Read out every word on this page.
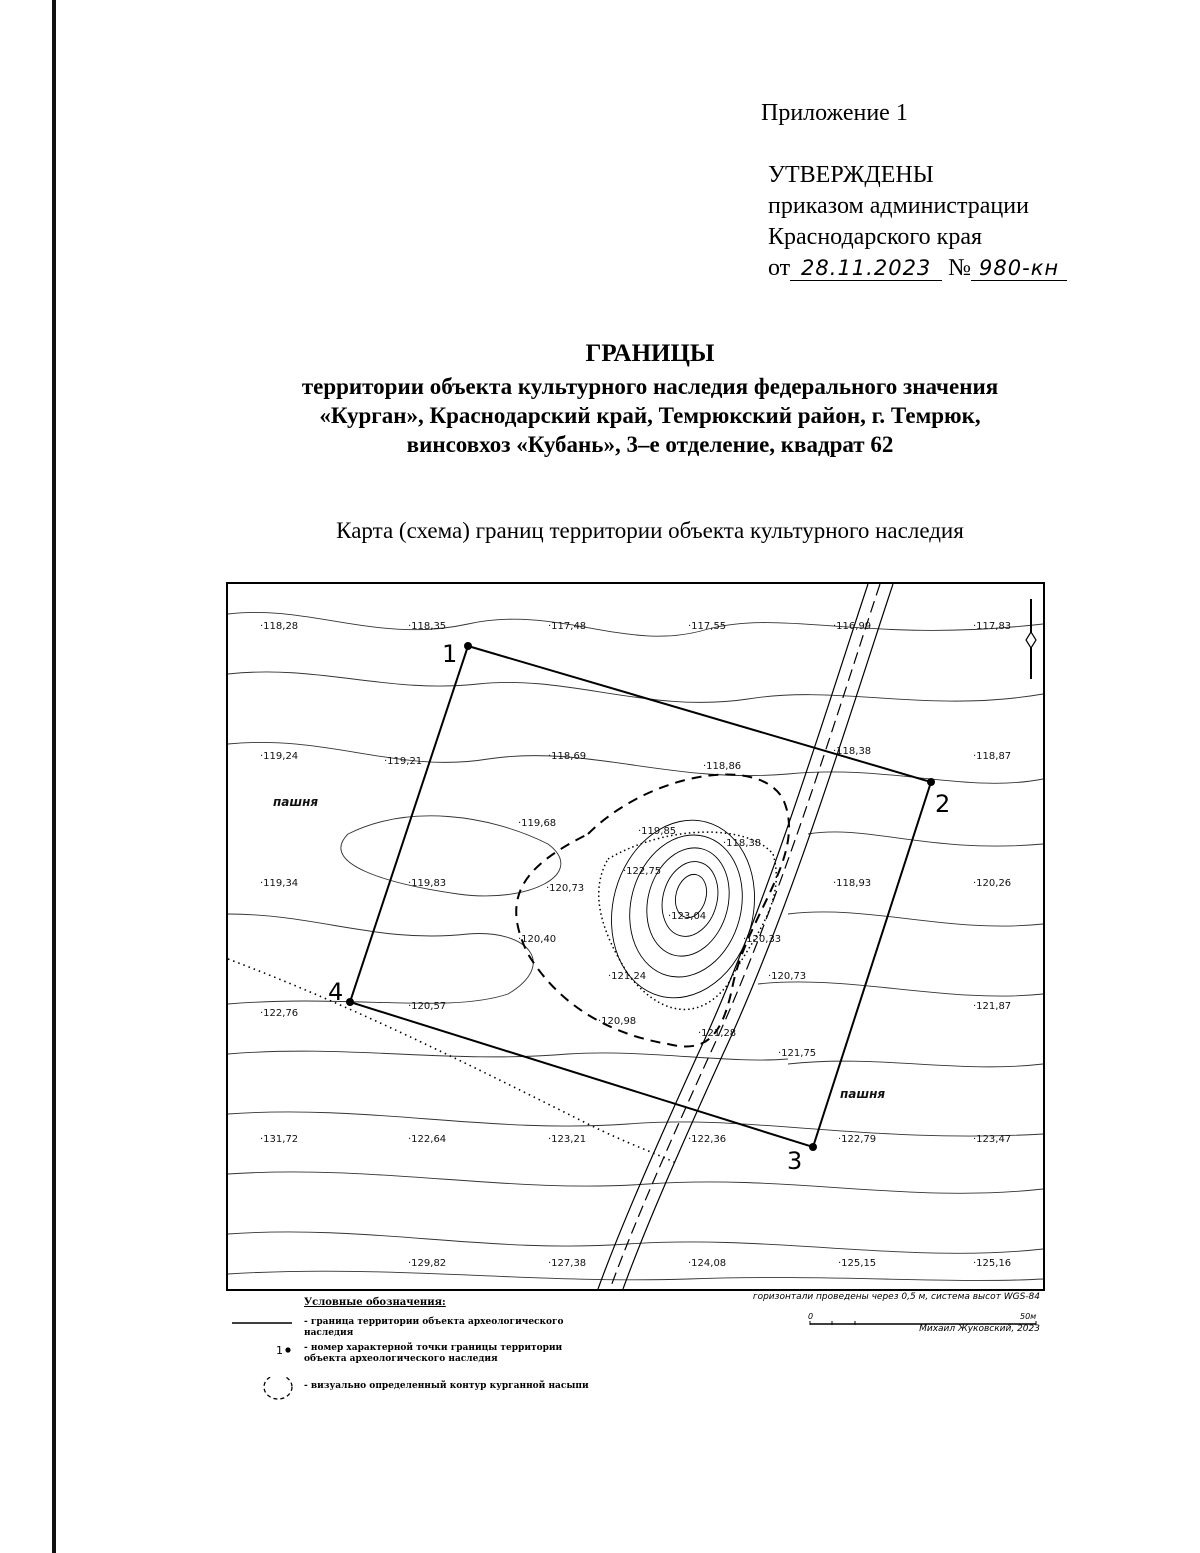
Приложение 1
УТВЕРЖДЕНЫ
приказом администрации
Краснодарского края
от 28.11.2023 № 980-кн
ГРАНИЦЫ
территории объекта культурного наследия федерального значения
«Курган», Краснодарский край, Темрюкский район, г. Темрюк,
винсовхоз «Кубань», 3–е отделение, квадрат 62
Карта (схема) границ территории объекта культурного наследия
1
2
3
4
·118,28	·118,35	·117,48	·117,55	·116,99	·117,83
·119,24	·119,21	·118,69
·118,86
·118,38	·118,87
·119,68
·119,85
·118,38
·122,75
·119,34	·119,83	·120,73
·123,04
·118,93	·120,26
·120,40	·120,33
·121,24	·120,73
·122,76
·120,57
·120,98
·121,28
·121,87
·121,75
·131,72	·122,64	·123,21	·122,36	·122,79	·123,47
·129,82	·127,38	·124,08	·125,15	·125,16
пашня
пашня
Условные обозначения:
- граница территории объекта археологического наследия
1 - номер характерной точки границы территории объекта археологического наследия
- визуально определенный контур курганной насыпи
горизонтали проведены через 0,5 м, система высот WGS-84
0	50м
Михаил Жуковский, 2023
